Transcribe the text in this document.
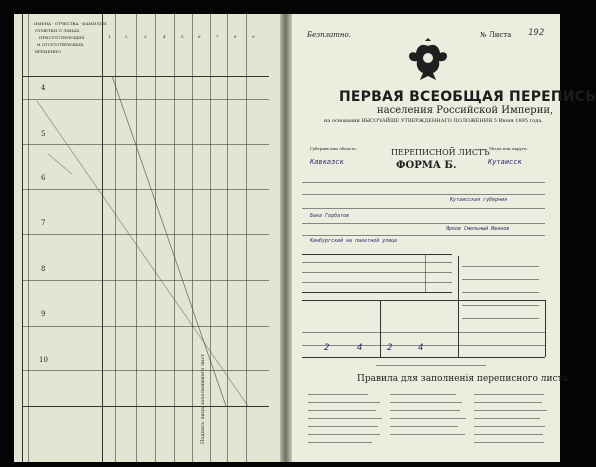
ИМЕНА · ОТЧЕСТВА · ФАМИЛИИ
ОТМЕТКИ О ЛИЦАХ
ПРИСУТСТВУЮЩИХ
И ОТСУТСТВУЮЩИХ
ВРЕМЕННО
1	2	3	4	5	6	7	8	9
4
5
6
7
8
9
10	Подпись лица заполнявшего лист
Безплатно.	№ Листа 192
ПЕРВАЯ ВСЕОБЩАЯ ПЕРЕПИСЬ
населения Российской Империи,
на основании ВЫСОЧАЙШЕ УТВЕРЖДЕННАГО ПОЛОЖЕНИЯ 5 Июня 1895 года.
Губернія или область:
Кавказск
Уѣздъ или округъ:
Кутаисск
ПЕРЕПИСНОЙ ЛИСТЪ
ФОРМА Б.
Кутаисская губерния
Бака Горбатов
Ярков Смольный Иванов
Кинбургский на пакетной улице
2	4	2	4
Правила для заполненія переписного листа.
